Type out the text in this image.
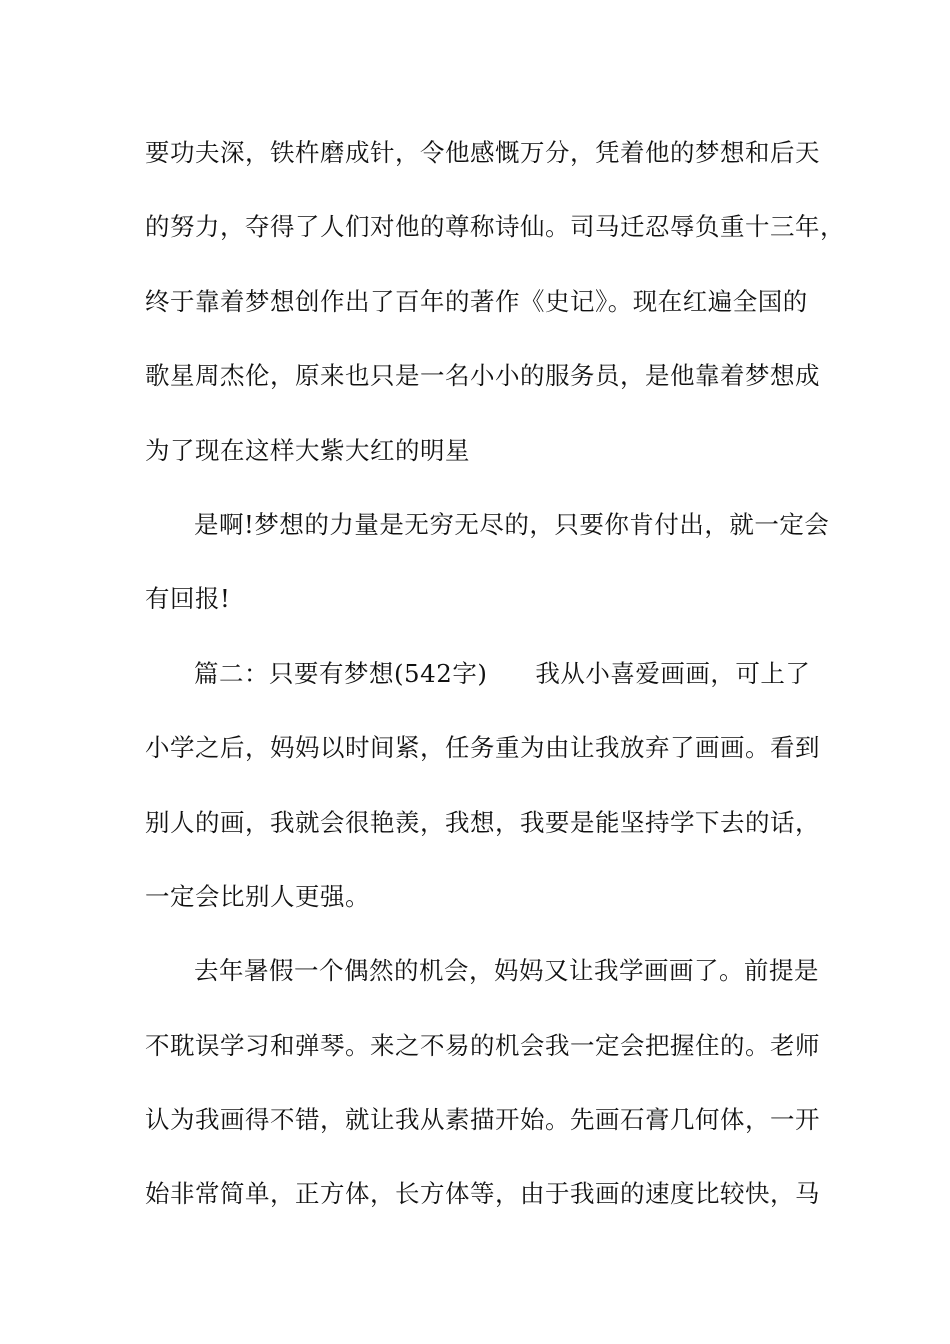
要功夫深，铁杵磨成针，令他感慨万分，凭着他的梦想和后天

的努力，夺得了人们对他的尊称诗仙。司马迁忍辱负重十三年，

终于靠着梦想创作出了百年的著作《史记》。现在红遍全国的

歌星周杰伦，原来也只是一名小小的服务员，是他靠着梦想成

为了现在这样大紫大红的明星

是啊!梦想的力量是无穷无尽的，只要你肯付出，就一定会

有回报!

篇二：只要有梦想(542字) 我从小喜爱画画，可上了

小学之后，妈妈以时间紧，任务重为由让我放弃了画画。看到

别人的画，我就会很艳羡，我想，我要是能坚持学下去的话，

一定会比别人更强。

去年暑假一个偶然的机会，妈妈又让我学画画了。前提是

不耽误学习和弹琴。来之不易的机会我一定会把握住的。老师

认为我画得不错，就让我从素描开始。先画石膏几何体，一开

始非常简单，正方体，长方体等，由于我画的速度比较快，马
